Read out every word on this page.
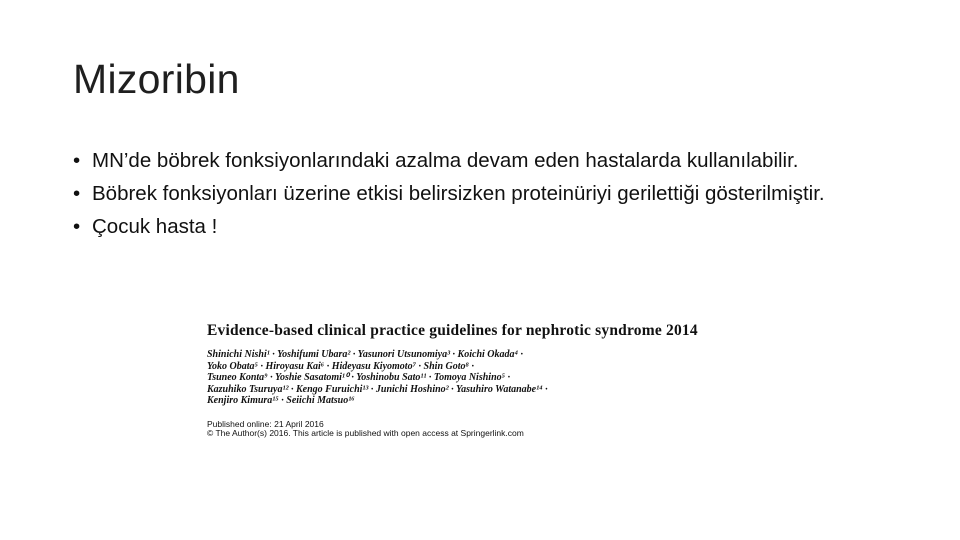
Mizoribin
• MN’de böbrek fonksiyonlarındaki azalma devam eden hastalarda kullanılabilir.
• Böbrek fonksiyonları üzerine etkisi belirsizken proteinüriyi gerilettiği gösterilmiştir.
• Çocuk hasta !
Evidence-based clinical practice guidelines for nephrotic syndrome 2014
Shinichi Nishi¹ · Yoshifumi Ubara² · Yasunori Utsunomiya³ · Koichi Okada⁴ ·
Yoko Obata⁵ · Hiroyasu Kai⁶ · Hideyasu Kiyomoto⁷ · Shin Goto⁸ ·
Tsuneo Konta⁹ · Yoshie Sasatomi¹⁰ · Yoshinobu Sato¹¹ · Tomoya Nishino⁵ ·
Kazuhiko Tsuruya¹² · Kengo Furuichi¹³ · Junichi Hoshino² · Yasuhiro Watanabe¹⁴ ·
Kenjiro Kimura¹⁵ · Seiichi Matsuo¹⁶
Published online: 21 April 2016
© The Author(s) 2016. This article is published with open access at Springerlink.com
